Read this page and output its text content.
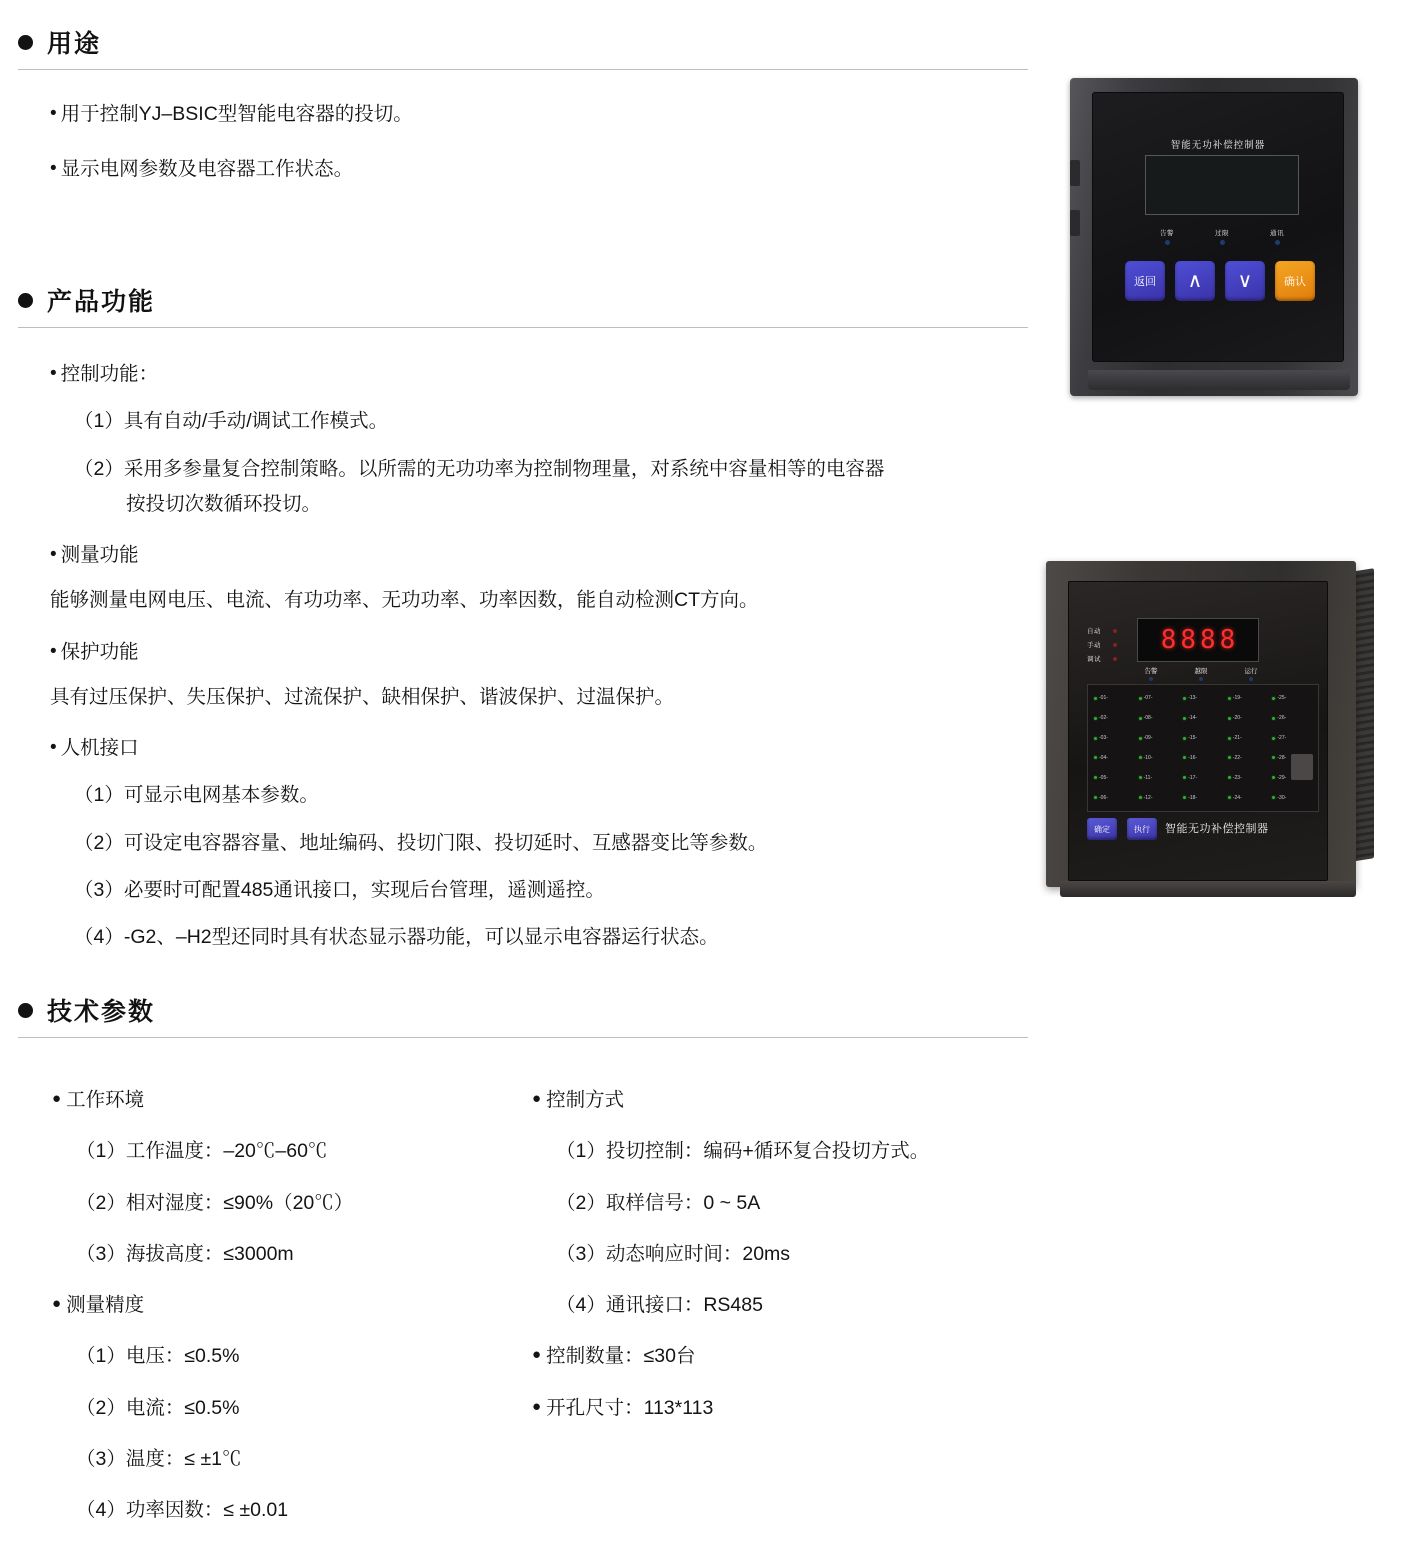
用途
• 用于控制YJ–BSIC型智能电容器的投切。
• 显示电网参数及电容器工作状态。
产品功能
• 控制功能：
（1）具有自动/手动/调试工作模式。
（2）采用多参量复合控制策略。以所需的无功功率为控制物理量，对系统中容量相等的电容器
按投切次数循环投切。
• 测量功能
能够测量电网电压、电流、有功功率、无功功率、功率因数，能自动检测CT方向。
• 保护功能
具有过压保护、失压保护、过流保护、缺相保护、谐波保护、过温保护。
• 人机接口
（1）可显示电网基本参数。
（2）可设定电容器容量、地址编码、投切门限、投切延时、互感器变比等参数。
（3）必要时可配置485通讯接口，实现后台管理，遥测遥控。
（4）‐G2、–H2型还同时具有状态显示器功能，可以显示电容器运行状态。
技术参数
● 工作环境
（1）工作温度：–20℃–60℃
（2）相对湿度：≤90%（20℃）
（3）海拔高度：≤3000m
● 测量精度
（1）电压：≤0.5%
（2）电流：≤0.5%
（3）温度：≤ ±1℃
（4）功率因数：≤ ±0.01
● 控制方式
（1）投切控制：编码+循环复合投切方式。
（2）取样信号：0 ~ 5A
（3）动态响应时间：20ms
（4）通讯接口：RS485
● 控制数量：≤30台
● 开孔尺寸：113*113
智能无功补偿控制器
告警	过限	通讯
返回	∧ ∨	确认
自动
手动
调试
8 8 8 8
告警	越限	运行
-01-	-07-	-13-	-19-	-25-
-02-	-08-	-14-	-20-	-26-
-03-	-09-	-15-	-21-	-27-
-04-	-10-	-16-	-22-	-28-
-05-	-11-	-17-	-23-	-29-
-06-	-12-	-18-	-24-	-30-
确定	执行	智能无功补偿控制器
